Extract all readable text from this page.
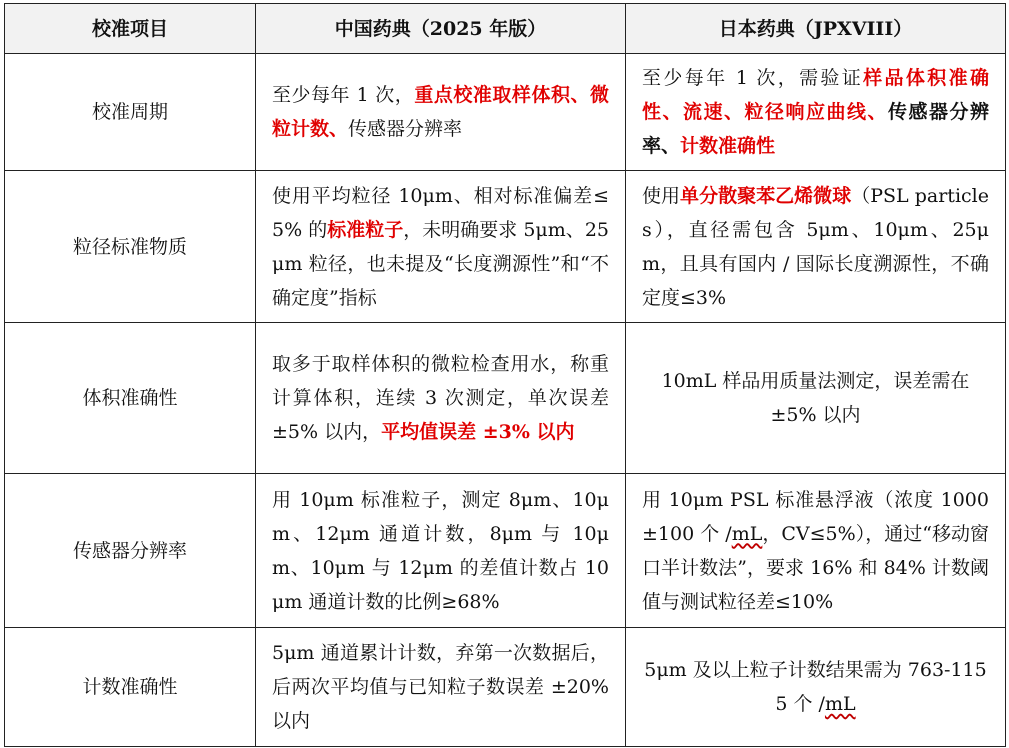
校准项目	中国药典（2025 年版）	日本药典（JPXVIII）
校准周期	至少每年 1 次，重点校准取样体积、微粒计数、传感器分辨率	至少每年 1 次，需验证样品体积准确性、流速、粒径响应曲线、传感器分辨率、计数准确性
粒径标准物质	使用平均粒径 10μm、相对标准偏差≤5% 的标准粒子，未明确要求 5μm、25μm 粒径，也未提及“长度溯源性”和“不确定度”指标	使用单分散聚苯乙烯微球（PSL particles），直径需包含 5μm、10μm、25μm，且具有国内 / 国际长度溯源性，不确定度≤3%
体积准确性	取多于取样体积的微粒检查用水，称重计算体积，连续 3 次测定，单次误差 ±5% 以内，平均值误差 ±3% 以内	10mL 样品用质量法测定，误差需在 ±5% 以内
传感器分辨率	用 10μm 标准粒子，测定 8μm、10μm、12μm 通道计数，8μm 与 10μm、10μm 与 12μm 的差值计数占 10μm 通道计数的比例≥68%	用 10μm PSL 标准悬浮液（浓度 1000±100 个 /mL，CV≤5%），通过“移动窗口半计数法”，要求 16% 和 84% 计数阈值与测试粒径差≤10%
计数准确性	5μm 通道累计计数，弃第一次数据后，后两次平均值与已知粒子数误差 ±20% 以内	5μm 及以上粒子计数结果需为 763-1155 个 /mL
